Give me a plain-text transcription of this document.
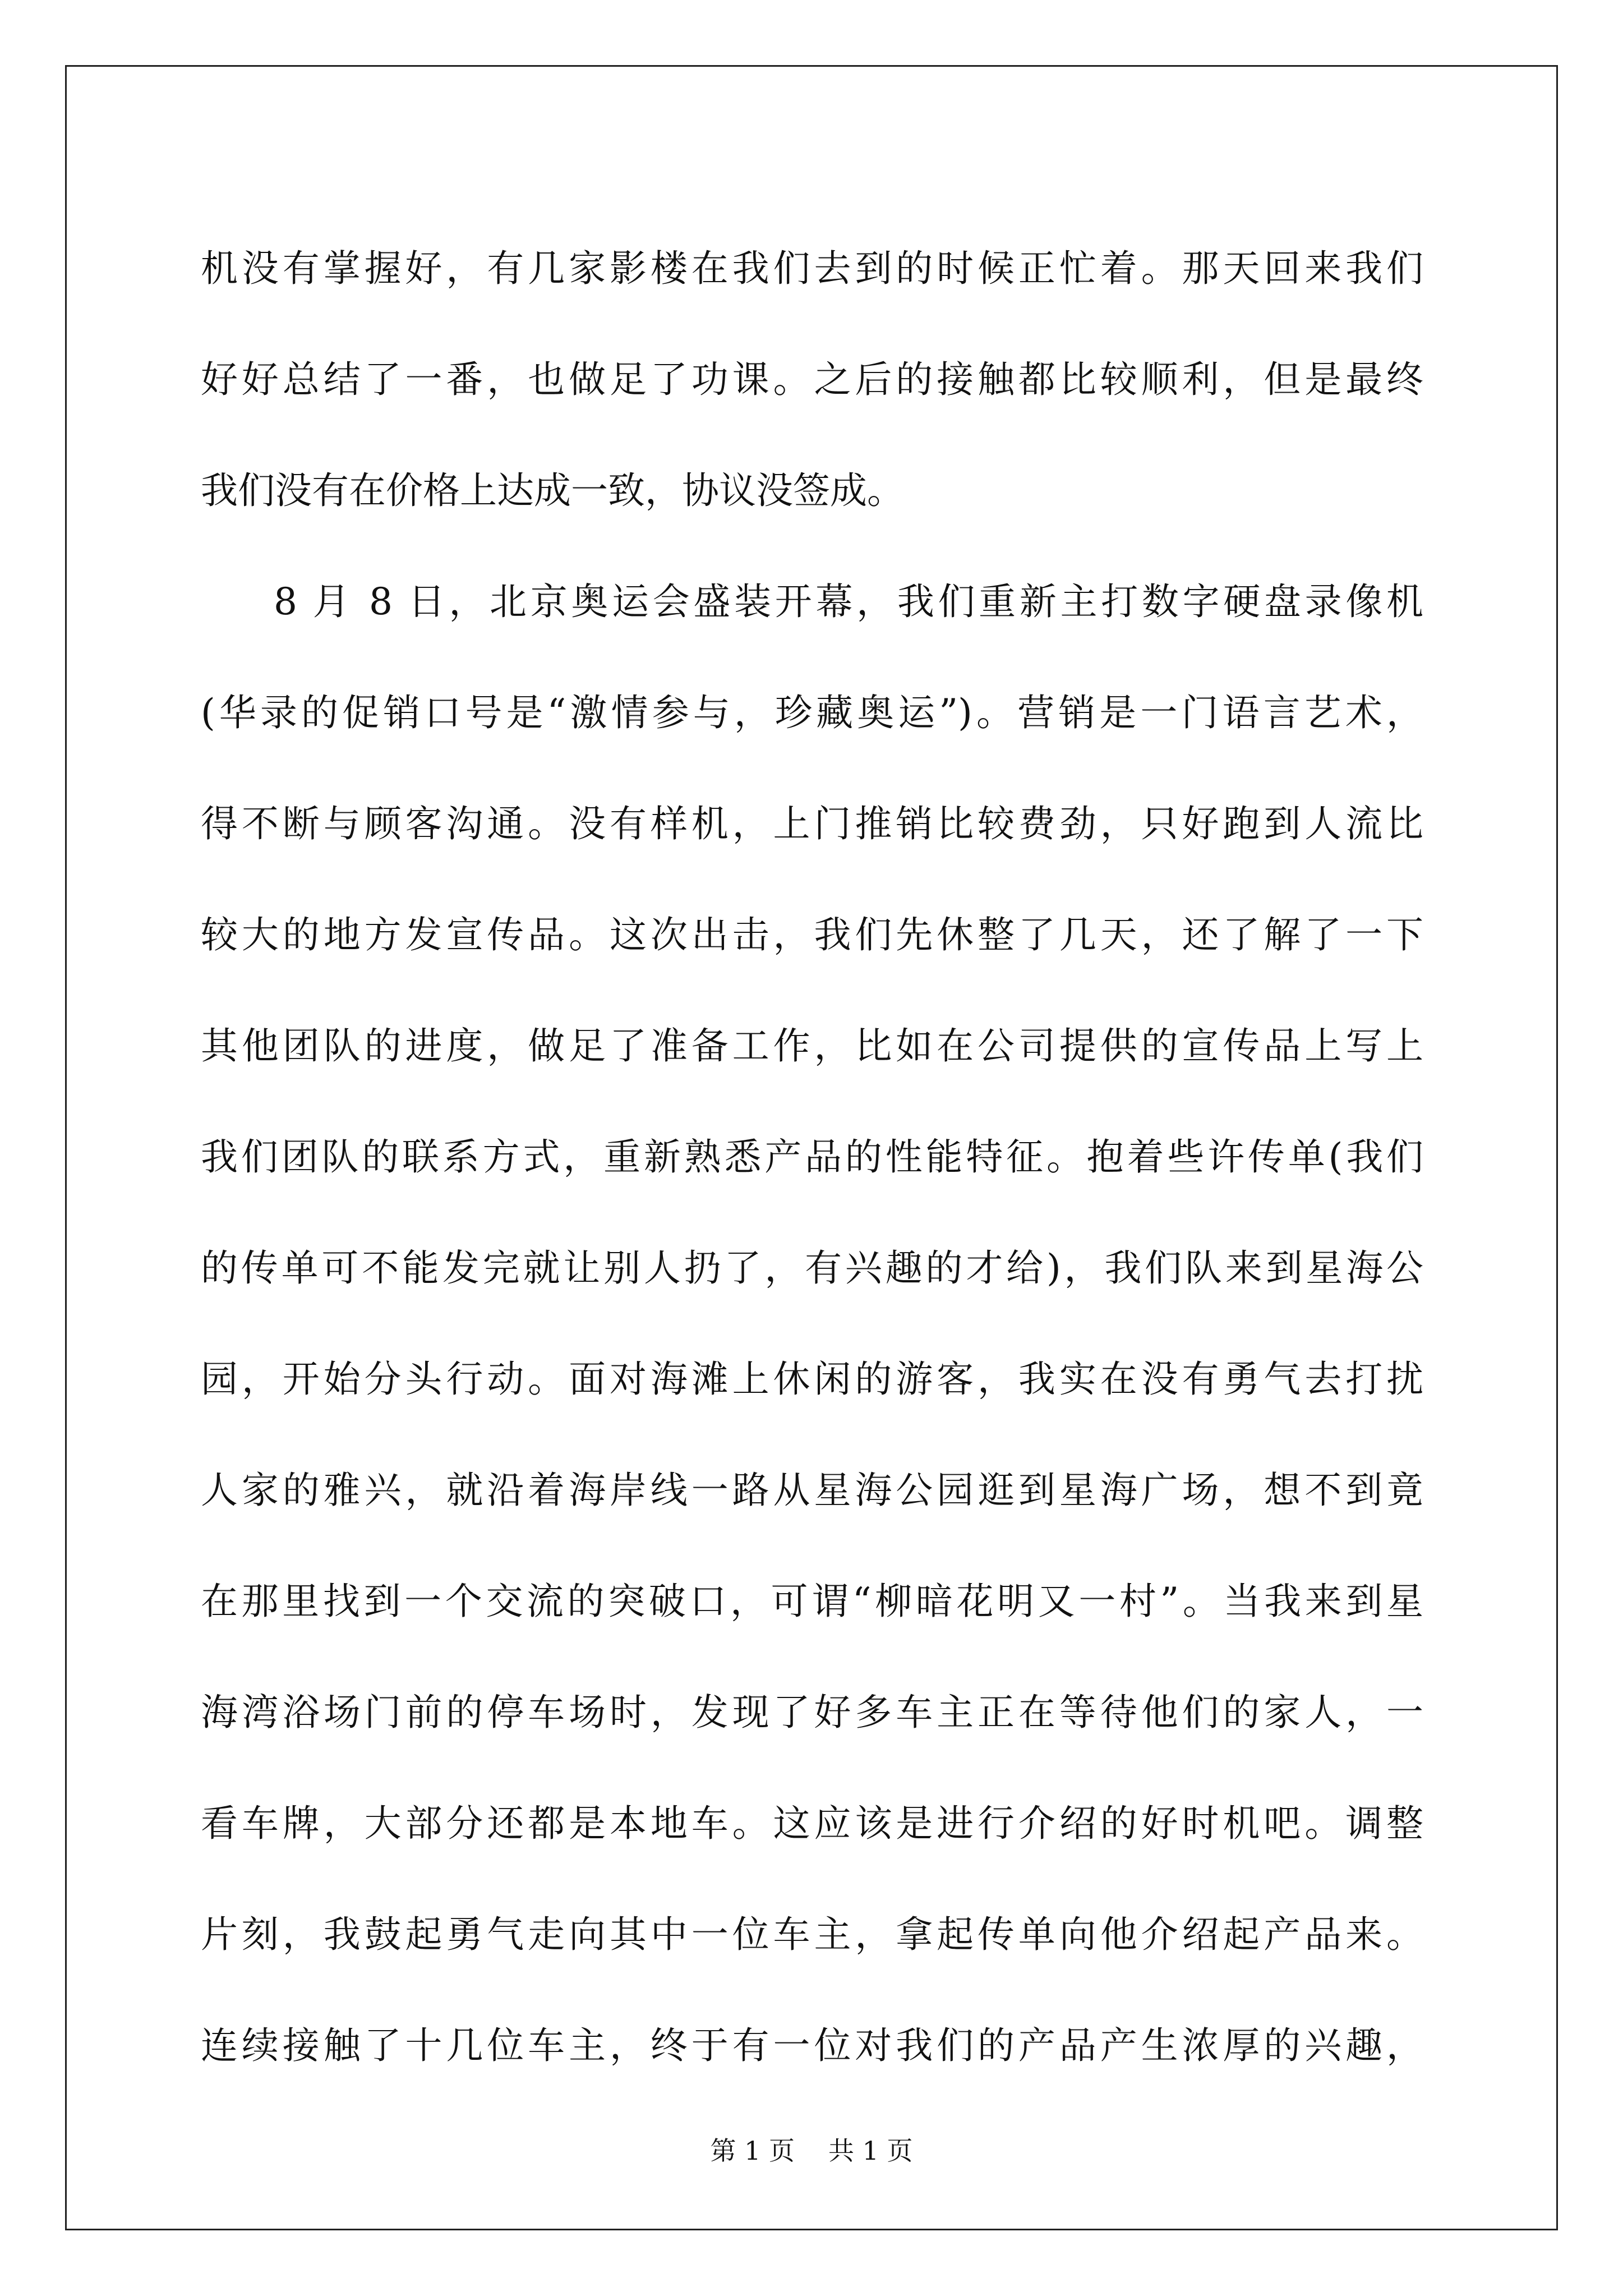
机没有掌握好，有几家影楼在我们去到的时候正忙着。那天回来我们
好好总结了一番，也做足了功课。之后的接触都比较顺利，但是最终
我们没有在价格上达成一致，协议没签成。
8 月 8 日，北京奥运会盛装开幕，我们重新主打数字硬盘录像机
(华录的促销口号是“激情参与，珍藏奥运”)。营销是一门语言艺术，
得不断与顾客沟通。没有样机，上门推销比较费劲，只好跑到人流比
较大的地方发宣传品。这次出击，我们先休整了几天，还了解了一下
其他团队的进度，做足了准备工作，比如在公司提供的宣传品上写上
我们团队的联系方式，重新熟悉产品的性能特征。抱着些许传单(我们
的传单可不能发完就让别人扔了，有兴趣的才给)，我们队来到星海公
园，开始分头行动。面对海滩上休闲的游客，我实在没有勇气去打扰
人家的雅兴，就沿着海岸线一路从星海公园逛到星海广场，想不到竟
在那里找到一个交流的突破口，可谓“柳暗花明又一村”。当我来到星
海湾浴场门前的停车场时，发现了好多车主正在等待他们的家人，一
看车牌，大部分还都是本地车。这应该是进行介绍的好时机吧。调整
片刻，我鼓起勇气走向其中一位车主，拿起传单向他介绍起产品来。
连续接触了十几位车主，终于有一位对我们的产品产生浓厚的兴趣，
第 1 页 共 1 页
